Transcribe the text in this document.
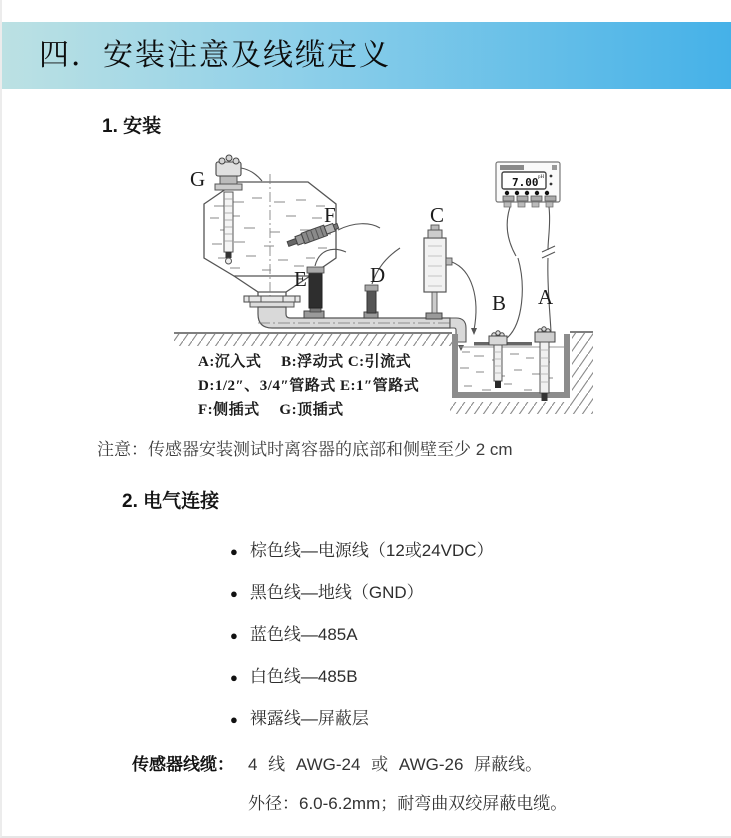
四．安装注意及线缆定义
1. 安装
7.00 pH
G
F
E	D
C
B A
A:沉入式　 B:浮动式 C:引流式
D:1/2″、3/4″管路式 E:1″管路式
F:侧插式　 G:顶插式
注意：传感器安装测试时离容器的底部和侧壁至少 2 cm
2. 电气连接
● 棕色线—电源线（12或24VDC）
● 黑色线—地线（GND）
● 蓝色线—485A
● 白色线—485B
● 裸露线—屏蔽层
传感器线缆： 4 线 AWG-24 或 AWG-26 屏蔽线。
外径：6.0-6.2mm；耐弯曲双绞屏蔽电缆。
